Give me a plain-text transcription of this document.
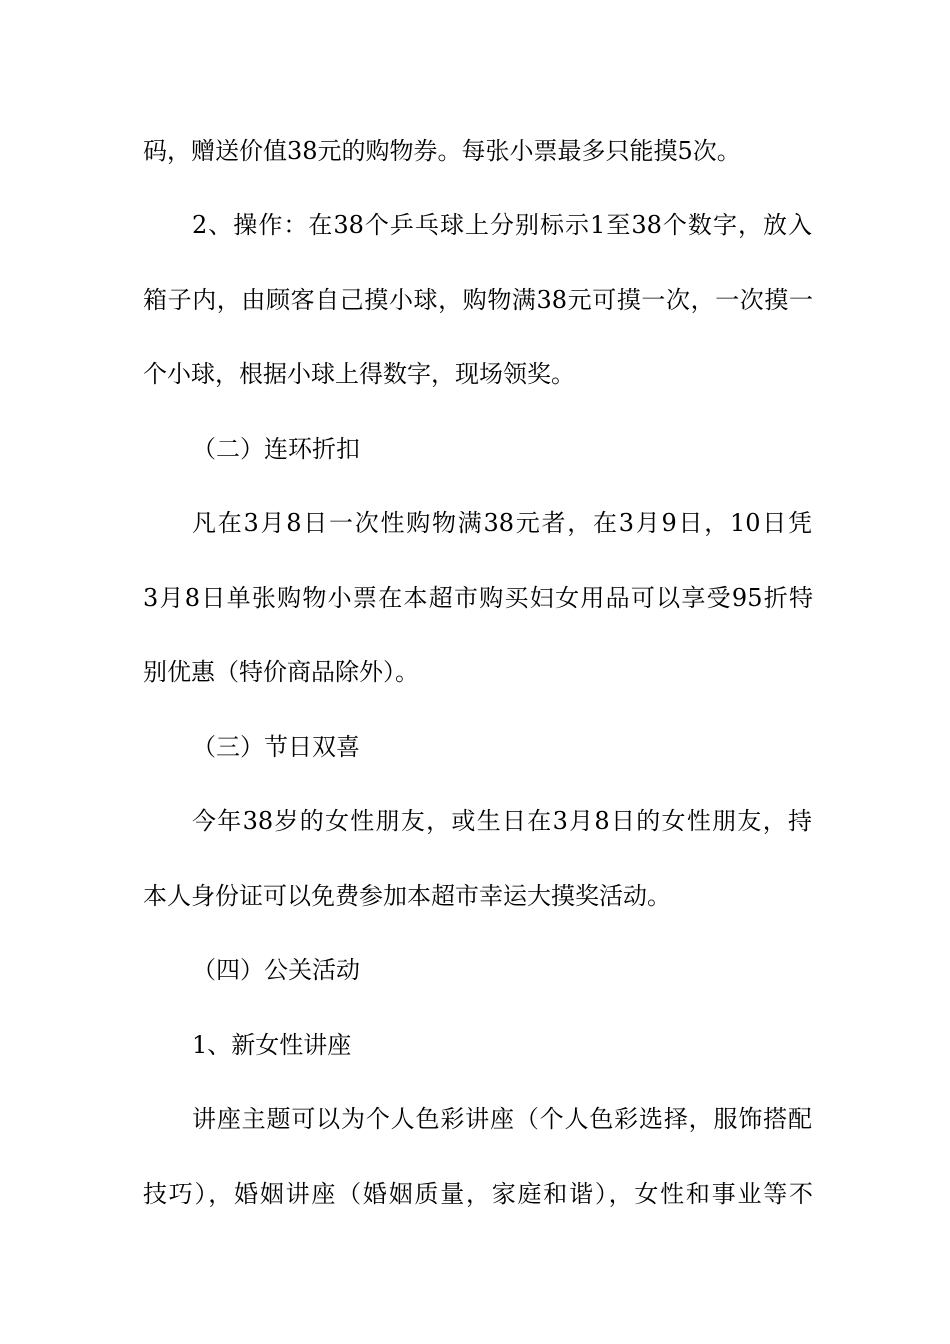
码，赠送价值38元的购物券。每张小票最多只能摸5次。
2、操作：在38个乒乓球上分别标示1至38个数字，放入
箱子内，由顾客自己摸小球，购物满38元可摸一次，一次摸一
个小球，根据小球上得数字，现场领奖。
（二）连环折扣
凡在3月8日一次性购物满38元者，在3月9日，10日凭
3月8日单张购物小票在本超市购买妇女用品可以享受95折特
别优惠（特价商品除外）。
（三）节日双喜
今年38岁的女性朋友，或生日在3月8日的女性朋友，持
本人身份证可以免费参加本超市幸运大摸奖活动。
（四）公关活动
1、新女性讲座
讲座主题可以为个人色彩讲座（个人色彩选择，服饰搭配
技巧），婚姻讲座（婚姻质量，家庭和谐），女性和事业等不
